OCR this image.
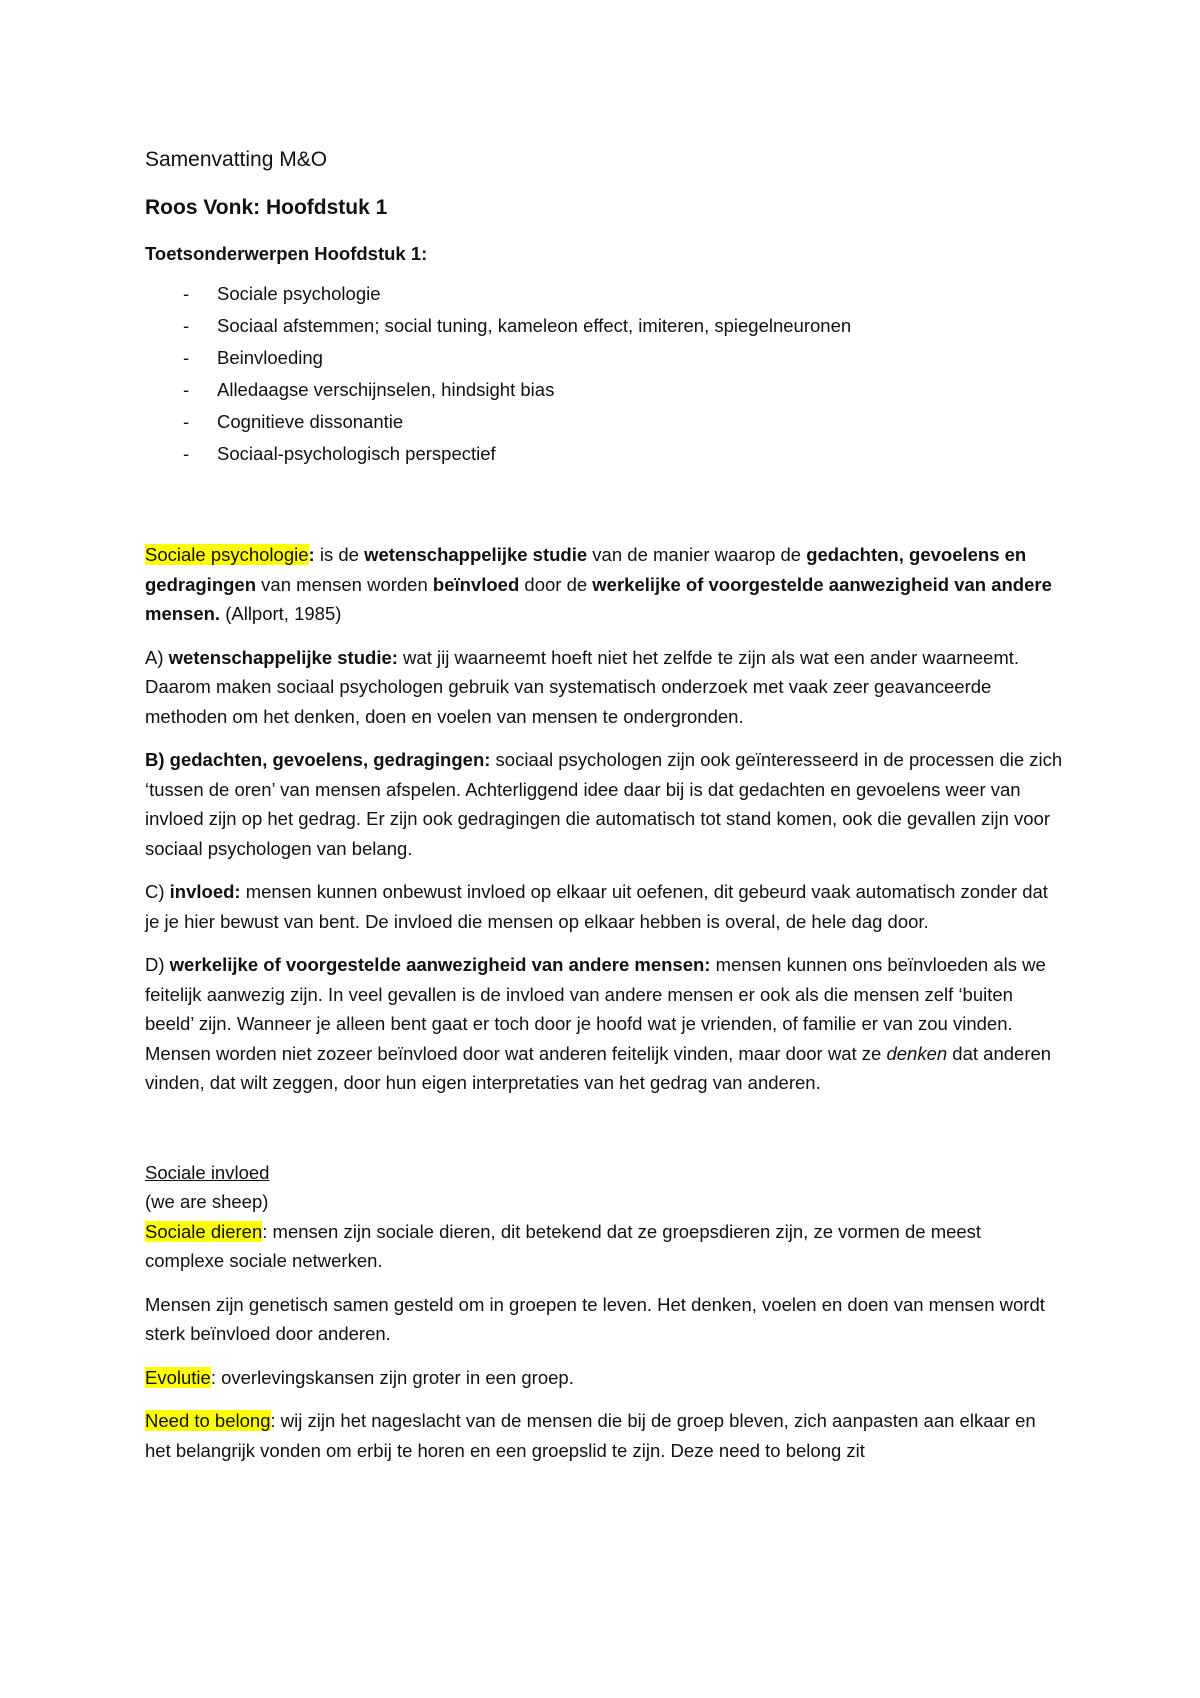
Samenvatting M&O
Roos Vonk: Hoofdstuk 1
Toetsonderwerpen Hoofdstuk 1:
- Sociale psychologie
- Sociaal afstemmen; social tuning, kameleon effect, imiteren, spiegelneuronen
- Beinvloeding
- Alledaagse verschijnselen, hindsight bias
- Cognitieve dissonantie
- Sociaal-psychologisch perspectief

Sociale psychologie: is de wetenschappelijke studie van de manier waarop de gedachten, gevoelens en gedragingen van mensen worden beïnvloed door de werkelijke of voorgestelde aanwezigheid van andere mensen. (Allport, 1985)

A) wetenschappelijke studie: wat jij waarneemt hoeft niet het zelfde te zijn als wat een ander waarneemt. Daarom maken sociaal psychologen gebruik van systematisch onderzoek met vaak zeer geavanceerde methoden om het denken, doen en voelen van mensen te ondergronden.

B) gedachten, gevoelens, gedragingen: sociaal psychologen zijn ook geïnteresseerd in de processen die zich ‘tussen de oren’ van mensen afspelen. Achterliggend idee daar bij is dat gedachten en gevoelens weer van invloed zijn op het gedrag. Er zijn ook gedragingen die automatisch tot stand komen, ook die gevallen zijn voor sociaal psychologen van belang.

C) invloed: mensen kunnen onbewust invloed op elkaar uit oefenen, dit gebeurd vaak automatisch zonder dat je je hier bewust van bent. De invloed die mensen op elkaar hebben is overal, de hele dag door.

D) werkelijke of voorgestelde aanwezigheid van andere mensen: mensen kunnen ons beïnvloeden als we feitelijk aanwezig zijn. In veel gevallen is de invloed van andere mensen er ook als die mensen zelf ‘buiten beeld’ zijn. Wanneer je alleen bent gaat er toch door je hoofd wat je vrienden, of familie er van zou vinden. Mensen worden niet zozeer beïnvloed door wat anderen feitelijk vinden, maar door wat ze denken dat anderen vinden, dat wilt zeggen, door hun eigen interpretaties van het gedrag van anderen.

Sociale invloed
(we are sheep)

Sociale dieren: mensen zijn sociale dieren, dit betekend dat ze groepsdieren zijn, ze vormen de meest complexe sociale netwerken.

Mensen zijn genetisch samen gesteld om in groepen te leven. Het denken, voelen en doen van mensen wordt sterk beïnvloed door anderen.

Evolutie: overlevingskansen zijn groter in een groep.

Need to belong: wij zijn het nageslacht van de mensen die bij de groep bleven, zich aanpasten aan elkaar en het belangrijk vonden om erbij te horen en een groepslid te zijn. Deze need to belong zit
